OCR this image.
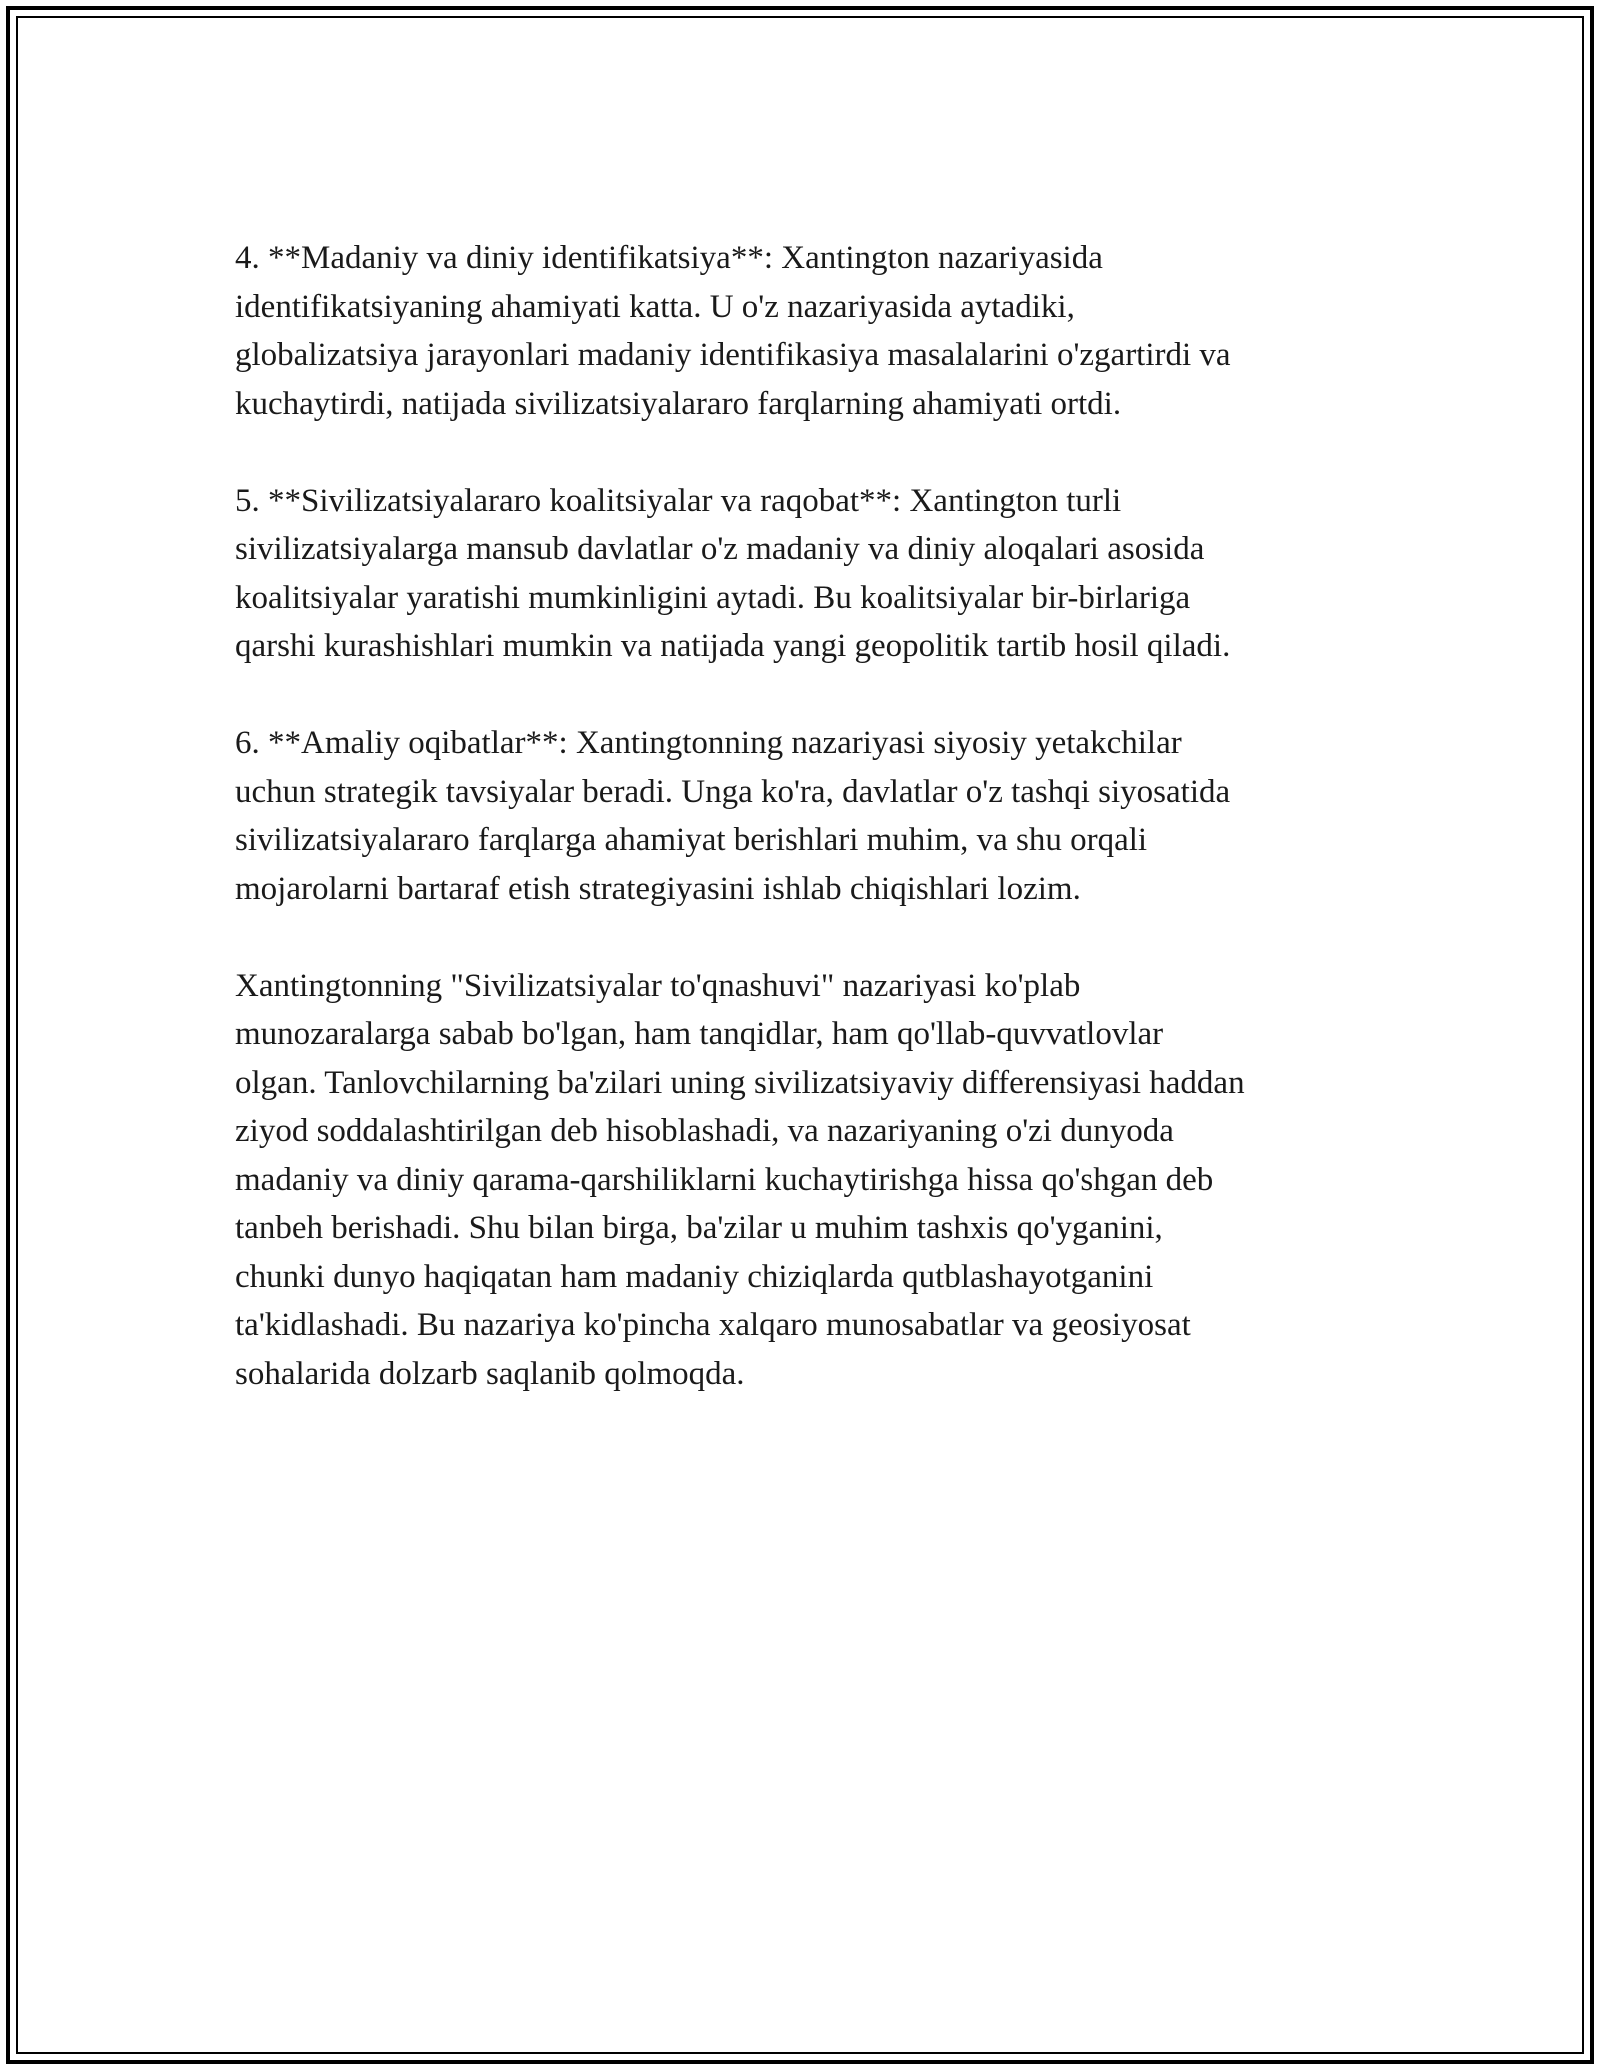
4. **Madaniy va diniy identifikatsiya**: Xantington nazariyasida
identifikatsiyaning ahamiyati katta. U o'z nazariyasida aytadiki,
globalizatsiya jarayonlari madaniy identifikasiya masalalarini o'zgartirdi va
kuchaytirdi, natijada sivilizatsiyalararo farqlarning ahamiyati ortdi.

5. **Sivilizatsiyalararo koalitsiyalar va raqobat**: Xantington turli
sivilizatsiyalarga mansub davlatlar o'z madaniy va diniy aloqalari asosida
koalitsiyalar yaratishi mumkinligini aytadi. Bu koalitsiyalar bir-birlariga
qarshi kurashishlari mumkin va natijada yangi geopolitik tartib hosil qiladi.

6. **Amaliy oqibatlar**: Xantingtonning nazariyasi siyosiy yetakchilar
uchun strategik tavsiyalar beradi. Unga ko'ra, davlatlar o'z tashqi siyosatida
sivilizatsiyalararo farqlarga ahamiyat berishlari muhim, va shu orqali
mojarolarni bartaraf etish strategiyasini ishlab chiqishlari lozim.

Xantingtonning "Sivilizatsiyalar to'qnashuvi" nazariyasi ko'plab
munozaralarga sabab bo'lgan, ham tanqidlar, ham qo'llab-quvvatlovlar
olgan. Tanlovchilarning ba'zilari uning sivilizatsiyaviy differensiyasi haddan
ziyod soddalashtirilgan deb hisoblashadi, va nazariyaning o'zi dunyoda
madaniy va diniy qarama-qarshiliklarni kuchaytirishga hissa qo'shgan deb
tanbeh berishadi. Shu bilan birga, ba'zilar u muhim tashxis qo'yganini,
chunki dunyo haqiqatan ham madaniy chiziqlarda qutblashayotganini
ta'kidlashadi. Bu nazariya ko'pincha xalqaro munosabatlar va geosiyosat
sohalarida dolzarb saqlanib qolmoqda.
